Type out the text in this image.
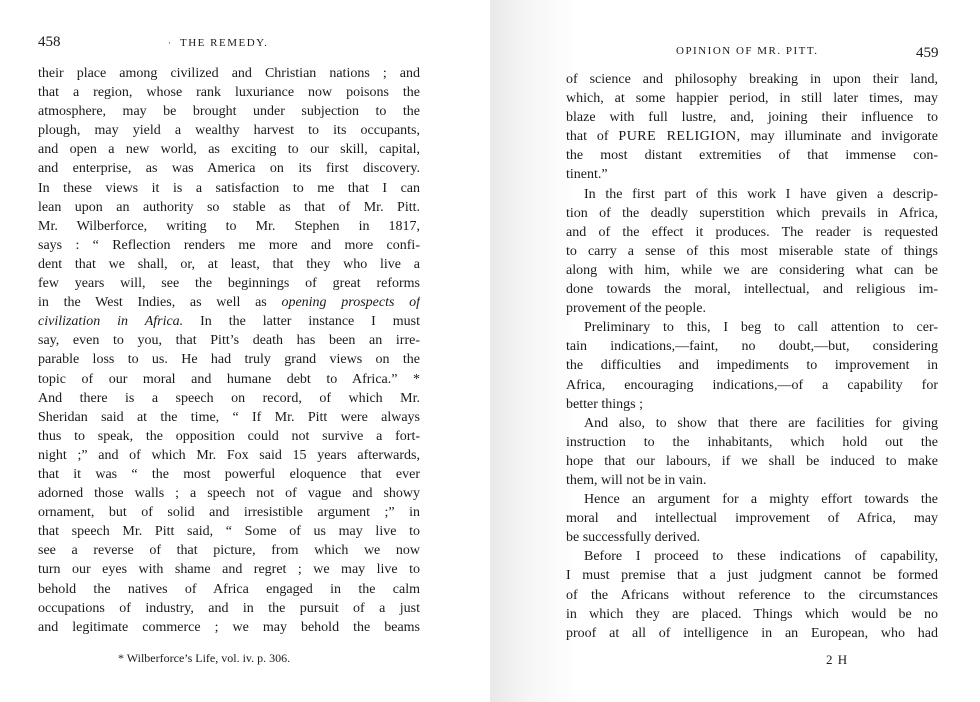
458	· THE REMEDY.
their place among civilized and Christian nations ; and
that a region, whose rank luxuriance now poisons the
atmosphere, may be brought under subjection to the
plough, may yield a wealthy harvest to its occupants,
and open a new world, as exciting to our skill, capital,
and enterprise, as was America on its first discovery.
In these views it is a satisfaction to me that I can
lean upon an authority so stable as that of Mr. Pitt.
Mr. Wilberforce, writing to Mr. Stephen in 1817,
says : “ Reflection renders me more and more confi-
dent that we shall, or, at least, that they who live a
few years will, see the beginnings of great reforms
in the West Indies, as well as opening prospects of
civilization in Africa. In the latter instance I must
say, even to you, that Pitt’s death has been an irre-
parable loss to us. He had truly grand views on the
topic of our moral and humane debt to Africa.” *
And there is a speech on record, of which Mr.
Sheridan said at the time, “ If Mr. Pitt were always
thus to speak, the opposition could not survive a fort-
night ;” and of which Mr. Fox said 15 years afterwards,
that it was “ the most powerful eloquence that ever
adorned those walls ; a speech not of vague and showy
ornament, but of solid and irresistible argument ;” in
that speech Mr. Pitt said, “ Some of us may live to
see a reverse of that picture, from which we now
turn our eyes with shame and regret ; we may live to
behold the natives of Africa engaged in the calm
occupations of industry, and in the pursuit of a just
and legitimate commerce ; we may behold the beams
* Wilberforce’s Life, vol. iv. p. 306.
OPINION OF MR. PITT.	459
of science and philosophy breaking in upon their land,
which, at some happier period, in still later times, may
blaze with full lustre, and, joining their influence to
that of PURE RELIGION, may illuminate and invigorate
the most distant extremities of that immense con-
tinent.”
In the first part of this work I have given a descrip-
tion of the deadly superstition which prevails in Africa,
and of the effect it produces. The reader is requested
to carry a sense of this most miserable state of things
along with him, while we are considering what can be
done towards the moral, intellectual, and religious im-
provement of the people.
Preliminary to this, I beg to call attention to cer-
tain indications,—faint, no doubt,—but, considering
the difficulties and impediments to improvement in
Africa, encouraging indications,—of a capability for
better things ;
And also, to show that there are facilities for giving
instruction to the inhabitants, which hold out the
hope that our labours, if we shall be induced to make
them, will not be in vain.
Hence an argument for a mighty effort towards the
moral and intellectual improvement of Africa, may
be successfully derived.
Before I proceed to these indications of capability,
I must premise that a just judgment cannot be formed
of the Africans without reference to the circumstances
in which they are placed. Things which would be no
proof at all of intelligence in an European, who had
2 H
